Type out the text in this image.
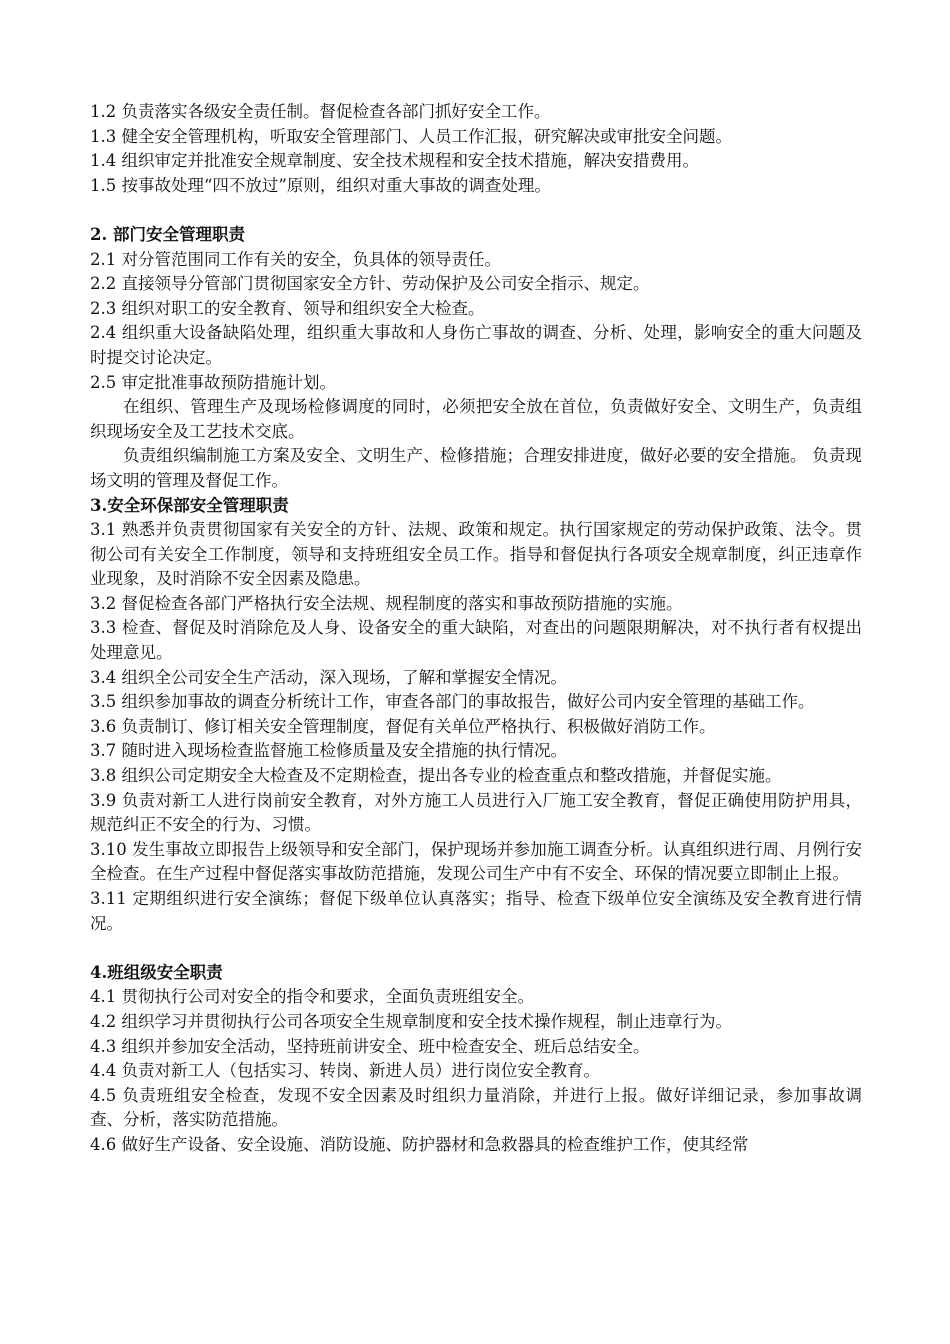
1.2 负责落实各级安全责任制。督促检查各部门抓好安全工作。

1.3 健全安全管理机构，听取安全管理部门、人员工作汇报，研究解决或审批安全问题。

1.4 组织审定并批准安全规章制度、安全技术规程和安全技术措施，解决安措费用。

1.5 按事故处理“四不放过”原则，组织对重大事故的调查处理。

2. 部门安全管理职责

2.1 对分管范围同工作有关的安全，负具体的领导责任。

2.2 直接领导分管部门贯彻国家安全方针、劳动保护及公司安全指示、规定。

2.3 组织对职工的安全教育、领导和组织安全大检查。

2.4 组织重大设备缺陷处理，组织重大事故和人身伤亡事故的调查、分析、处理，影响安全的重大问题及时提交讨论决定。

2.5 审定批准事故预防措施计划。

在组织、管理生产及现场检修调度的同时，必须把安全放在首位，负责做好安全、文明生产，负责组织现场安全及工艺技术交底。

负责组织编制施工方案及安全、文明生产、检修措施；合理安排进度，做好必要的安全措施。 负责现场文明的管理及督促工作。

3.安全环保部安全管理职责

3.1 熟悉并负责贯彻国家有关安全的方针、法规、政策和规定。执行国家规定的劳动保护政策、法令。贯彻公司有关安全工作制度，领导和支持班组安全员工作。指导和督促执行各项安全规章制度，纠正违章作业现象，及时消除不安全因素及隐患。

3.2 督促检查各部门严格执行安全法规、规程制度的落实和事故预防措施的实施。

3.3 检查、督促及时消除危及人身、设备安全的重大缺陷，对查出的问题限期解决，对不执行者有权提出处理意见。

3.4 组织全公司安全生产活动，深入现场，了解和掌握安全情况。

3.5 组织参加事故的调查分析统计工作，审查各部门的事故报告，做好公司内安全管理的基础工作。

3.6 负责制订、修订相关安全管理制度，督促有关单位严格执行、积极做好消防工作。

3.7 随时进入现场检查监督施工检修质量及安全措施的执行情况。

3.8 组织公司定期安全大检查及不定期检查，提出各专业的检查重点和整改措施，并督促实施。

3.9 负责对新工人进行岗前安全教育，对外方施工人员进行入厂施工安全教育，督促正确使用防护用具，规范纠正不安全的行为、习惯。

3.10 发生事故立即报告上级领导和安全部门，保护现场并参加施工调查分析。认真组织进行周、月例行安全检查。在生产过程中督促落实事故防范措施，发现公司生产中有不安全、环保的情况要立即制止上报。

3.11 定期组织进行安全演练；督促下级单位认真落实；指导、检查下级单位安全演练及安全教育进行情况。

4.班组级安全职责

4.1 贯彻执行公司对安全的指令和要求，全面负责班组安全。

4.2 组织学习并贯彻执行公司各项安全生规章制度和安全技术操作规程，制止违章行为。

4.3 组织并参加安全活动，坚持班前讲安全、班中检查安全、班后总结安全。

4.4 负责对新工人（包括实习、转岗、新进人员）进行岗位安全教育。

4.5 负责班组安全检查，发现不安全因素及时组织力量消除，并进行上报。做好详细记录，参加事故调查、分析，落实防范措施。

4.6 做好生产设备、安全设施、消防设施、防护器材和急救器具的检查维护工作，使其经常
